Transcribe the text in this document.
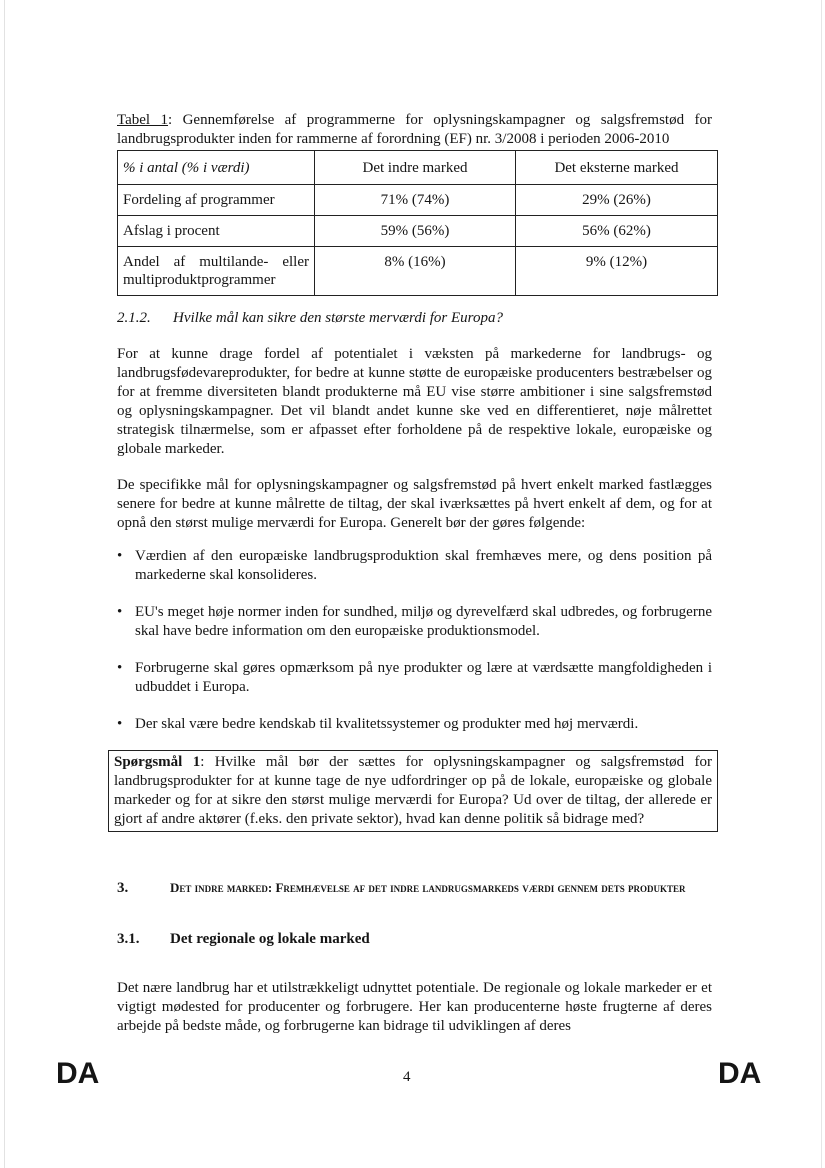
Tabel 1: Gennemførelse af programmerne for oplysningskampagner og salgsfremstød for landbrugsprodukter inden for rammerne af forordning (EF) nr. 3/2008 i perioden 2006-2010

% i antal (% i værdi)	Det indre marked	Det eksterne marked
Fordeling af programmer	71% (74%)	29% (26%)
Afslag i procent	59% (56%)	56% (62%)
Andel af multilande- eller multiproduktprogrammer	8% (16%)	9% (12%)

2.1.2. Hvilke mål kan sikre den største merværdi for Europa?

For at kunne drage fordel af potentialet i væksten på markederne for landbrugs- og landbrugsfødevareprodukter, for bedre at kunne støtte de europæiske producenters bestræbelser og for at fremme diversiteten blandt produkterne må EU vise større ambitioner i sine salgsfremstød og oplysningskampagner. Det vil blandt andet kunne ske ved en differentieret, nøje målrettet strategisk tilnærmelse, som er afpasset efter forholdene på de respektive lokale, europæiske og globale markeder.

De specifikke mål for oplysningskampagner og salgsfremstød på hvert enkelt marked fastlægges senere for bedre at kunne målrette de tiltag, der skal iværksættes på hvert enkelt af dem, og for at opnå den størst mulige merværdi for Europa. Generelt bør der gøres følgende:

• Værdien af den europæiske landbrugsproduktion skal fremhæves mere, og dens position på markederne skal konsolideres.
• EU's meget høje normer inden for sundhed, miljø og dyrevelfærd skal udbredes, og forbrugerne skal have bedre information om den europæiske produktionsmodel.
• Forbrugerne skal gøres opmærksom på nye produkter og lære at værdsætte mangfoldigheden i udbuddet i Europa.
• Der skal være bedre kendskab til kvalitetssystemer og produkter med høj merværdi.
Spørgsmål 1: Hvilke mål bør der sættes for oplysningskampagner og salgsfremstød for landbrugsprodukter for at kunne tage de nye udfordringer op på de lokale, europæiske og globale markeder og for at sikre den størst mulige merværdi for Europa? Ud over de tiltag, der allerede er gjort af andre aktører (f.eks. den private sektor), hvad kan denne politik så bidrage med?
3.	Det indre marked: Fremhævelse af det indre landrugsmarkeds værdi gennem dets produkter
3.1. Det regionale og lokale marked

Det nære landbrug har et utilstrækkeligt udnyttet potentiale. De regionale og lokale markeder er et vigtigt mødested for producenter og forbrugere. Her kan producenterne høste frugterne af deres arbejde på bedste måde, og forbrugerne kan bidrage til udviklingen af deres

DA	4	DA
